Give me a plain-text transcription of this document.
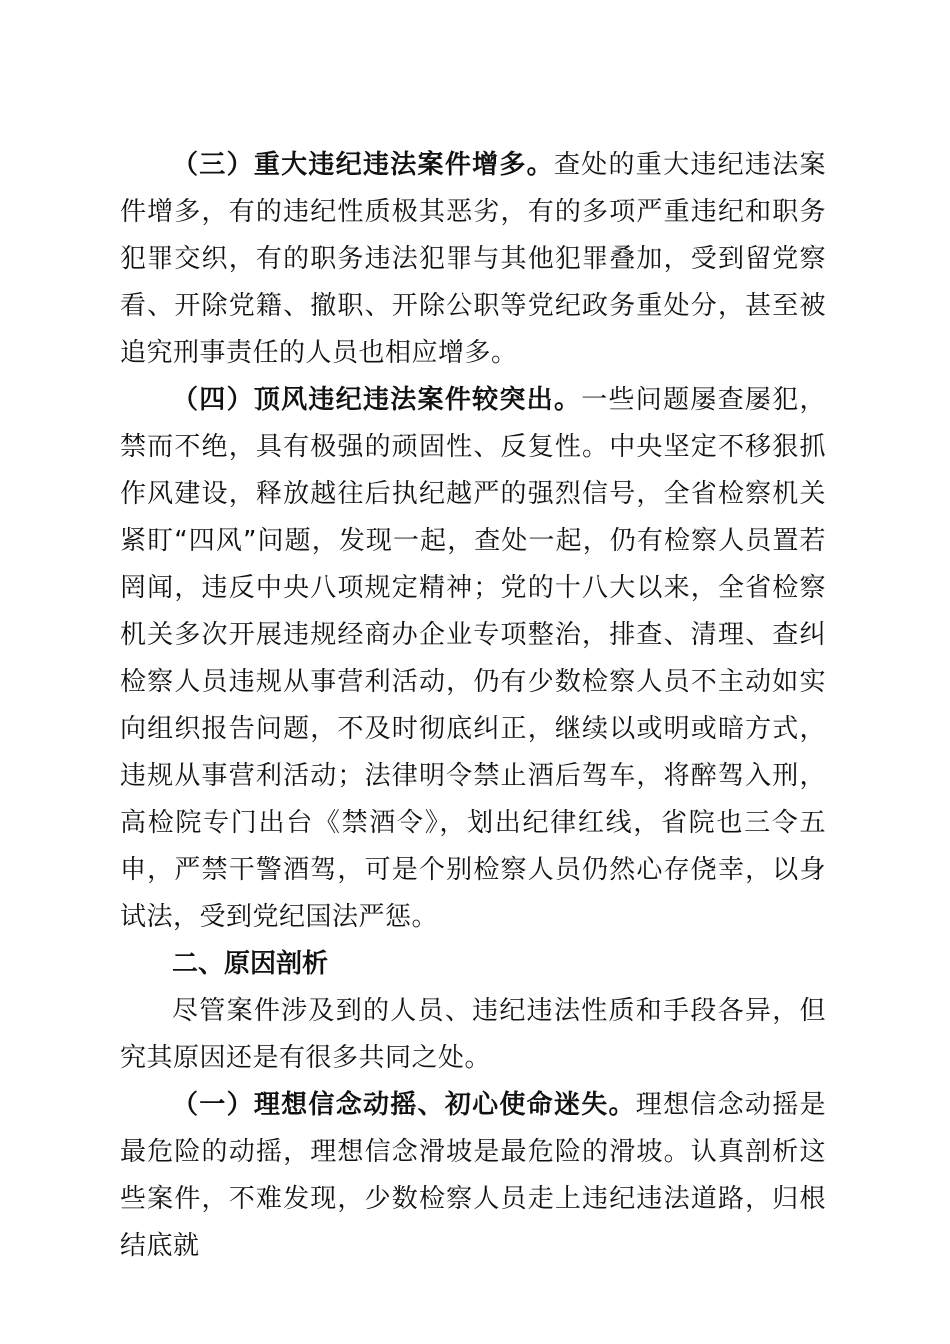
（三）重大违纪违法案件增多。查处的重大违纪违法案件增多，有的违纪性质极其恶劣，有的多项严重违纪和职务犯罪交织，有的职务违法犯罪与其他犯罪叠加，受到留党察看、开除党籍、撤职、开除公职等党纪政务重处分，甚至被追究刑事责任的人员也相应增多。

（四）顶风违纪违法案件较突出。一些问题屡查屡犯，禁而不绝，具有极强的顽固性、反复性。中央坚定不移狠抓作风建设，释放越往后执纪越严的强烈信号，全省检察机关紧盯“四风”问题，发现一起，查处一起，仍有检察人员置若罔闻，违反中央八项规定精神；党的十八大以来，全省检察机关多次开展违规经商办企业专项整治，排查、清理、查纠检察人员违规从事营利活动，仍有少数检察人员不主动如实向组织报告问题，不及时彻底纠正，继续以或明或暗方式，违规从事营利活动；法律明令禁止酒后驾车，将醉驾入刑，高检院专门出台《禁酒令》，划出纪律红线，省院也三令五申，严禁干警酒驾，可是个别检察人员仍然心存侥幸，以身试法，受到党纪国法严惩。

二、原因剖析

尽管案件涉及到的人员、违纪违法性质和手段各异，但究其原因还是有很多共同之处。

（一）理想信念动摇、初心使命迷失。理想信念动摇是最危险的动摇，理想信念滑坡是最危险的滑坡。认真剖析这些案件，不难发现，少数检察人员走上违纪违法道路，归根结底就
